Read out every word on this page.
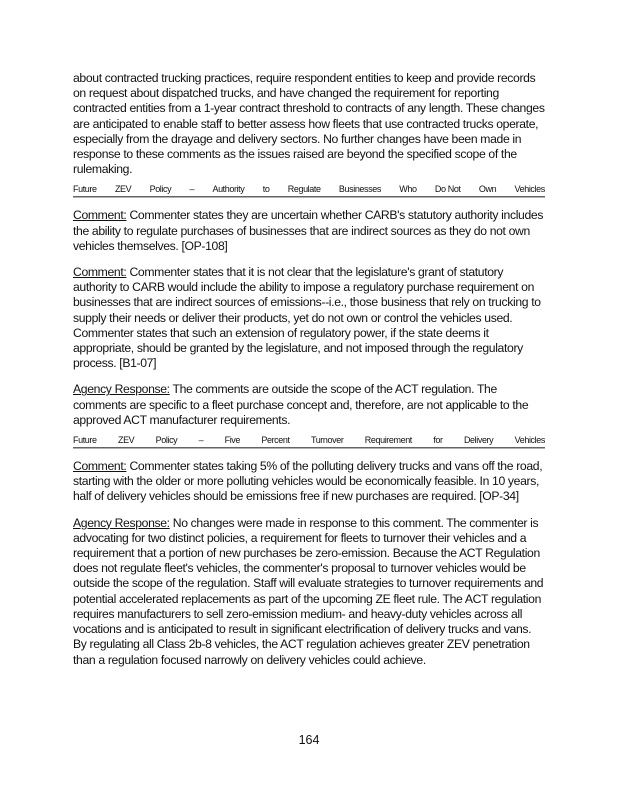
about contracted trucking practices, require respondent entities to keep and provide records on request about dispatched trucks, and have changed the requirement for reporting contracted entities from a 1-year contract threshold to contracts of any length. These changes are anticipated to enable staff to better assess how fleets that use contracted trucks operate, especially from the drayage and delivery sectors. No further changes have been made in response to these comments as the issues raised are beyond the specified scope of the rulemaking.

Future ZEV Policy – Authority to Regulate Businesses Who Do Not Own Vehicles

Comment: Commenter states they are uncertain whether CARB's statutory authority includes the ability to regulate purchases of businesses that are indirect sources as they do not own vehicles themselves. [OP-108]

Comment: Commenter states that it is not clear that the legislature's grant of statutory authority to CARB would include the ability to impose a regulatory purchase requirement on businesses that are indirect sources of emissions--i.e., those business that rely on trucking to supply their needs or deliver their products, yet do not own or control the vehicles used. Commenter states that such an extension of regulatory power, if the state deems it appropriate, should be granted by the legislature, and not imposed through the regulatory process. [B1-07]

Agency Response: The comments are outside the scope of the ACT regulation. The comments are specific to a fleet purchase concept and, therefore, are not applicable to the approved ACT manufacturer requirements.

Future ZEV Policy – Five Percent Turnover Requirement for Delivery Vehicles

Comment: Commenter states taking 5% of the polluting delivery trucks and vans off the road, starting with the older or more polluting vehicles would be economically feasible. In 10 years, half of delivery vehicles should be emissions free if new purchases are required. [OP-34]

Agency Response: No changes were made in response to this comment. The commenter is advocating for two distinct policies, a requirement for fleets to turnover their vehicles and a requirement that a portion of new purchases be zero-emission. Because the ACT Regulation does not regulate fleet's vehicles, the commenter's proposal to turnover vehicles would be outside the scope of the regulation. Staff will evaluate strategies to turnover requirements and potential accelerated replacements as part of the upcoming ZE fleet rule. The ACT regulation requires manufacturers to sell zero-emission medium- and heavy-duty vehicles across all vocations and is anticipated to result in significant electrification of delivery trucks and vans. By regulating all Class 2b-8 vehicles, the ACT regulation achieves greater ZEV penetration than a regulation focused narrowly on delivery vehicles could achieve.

164
